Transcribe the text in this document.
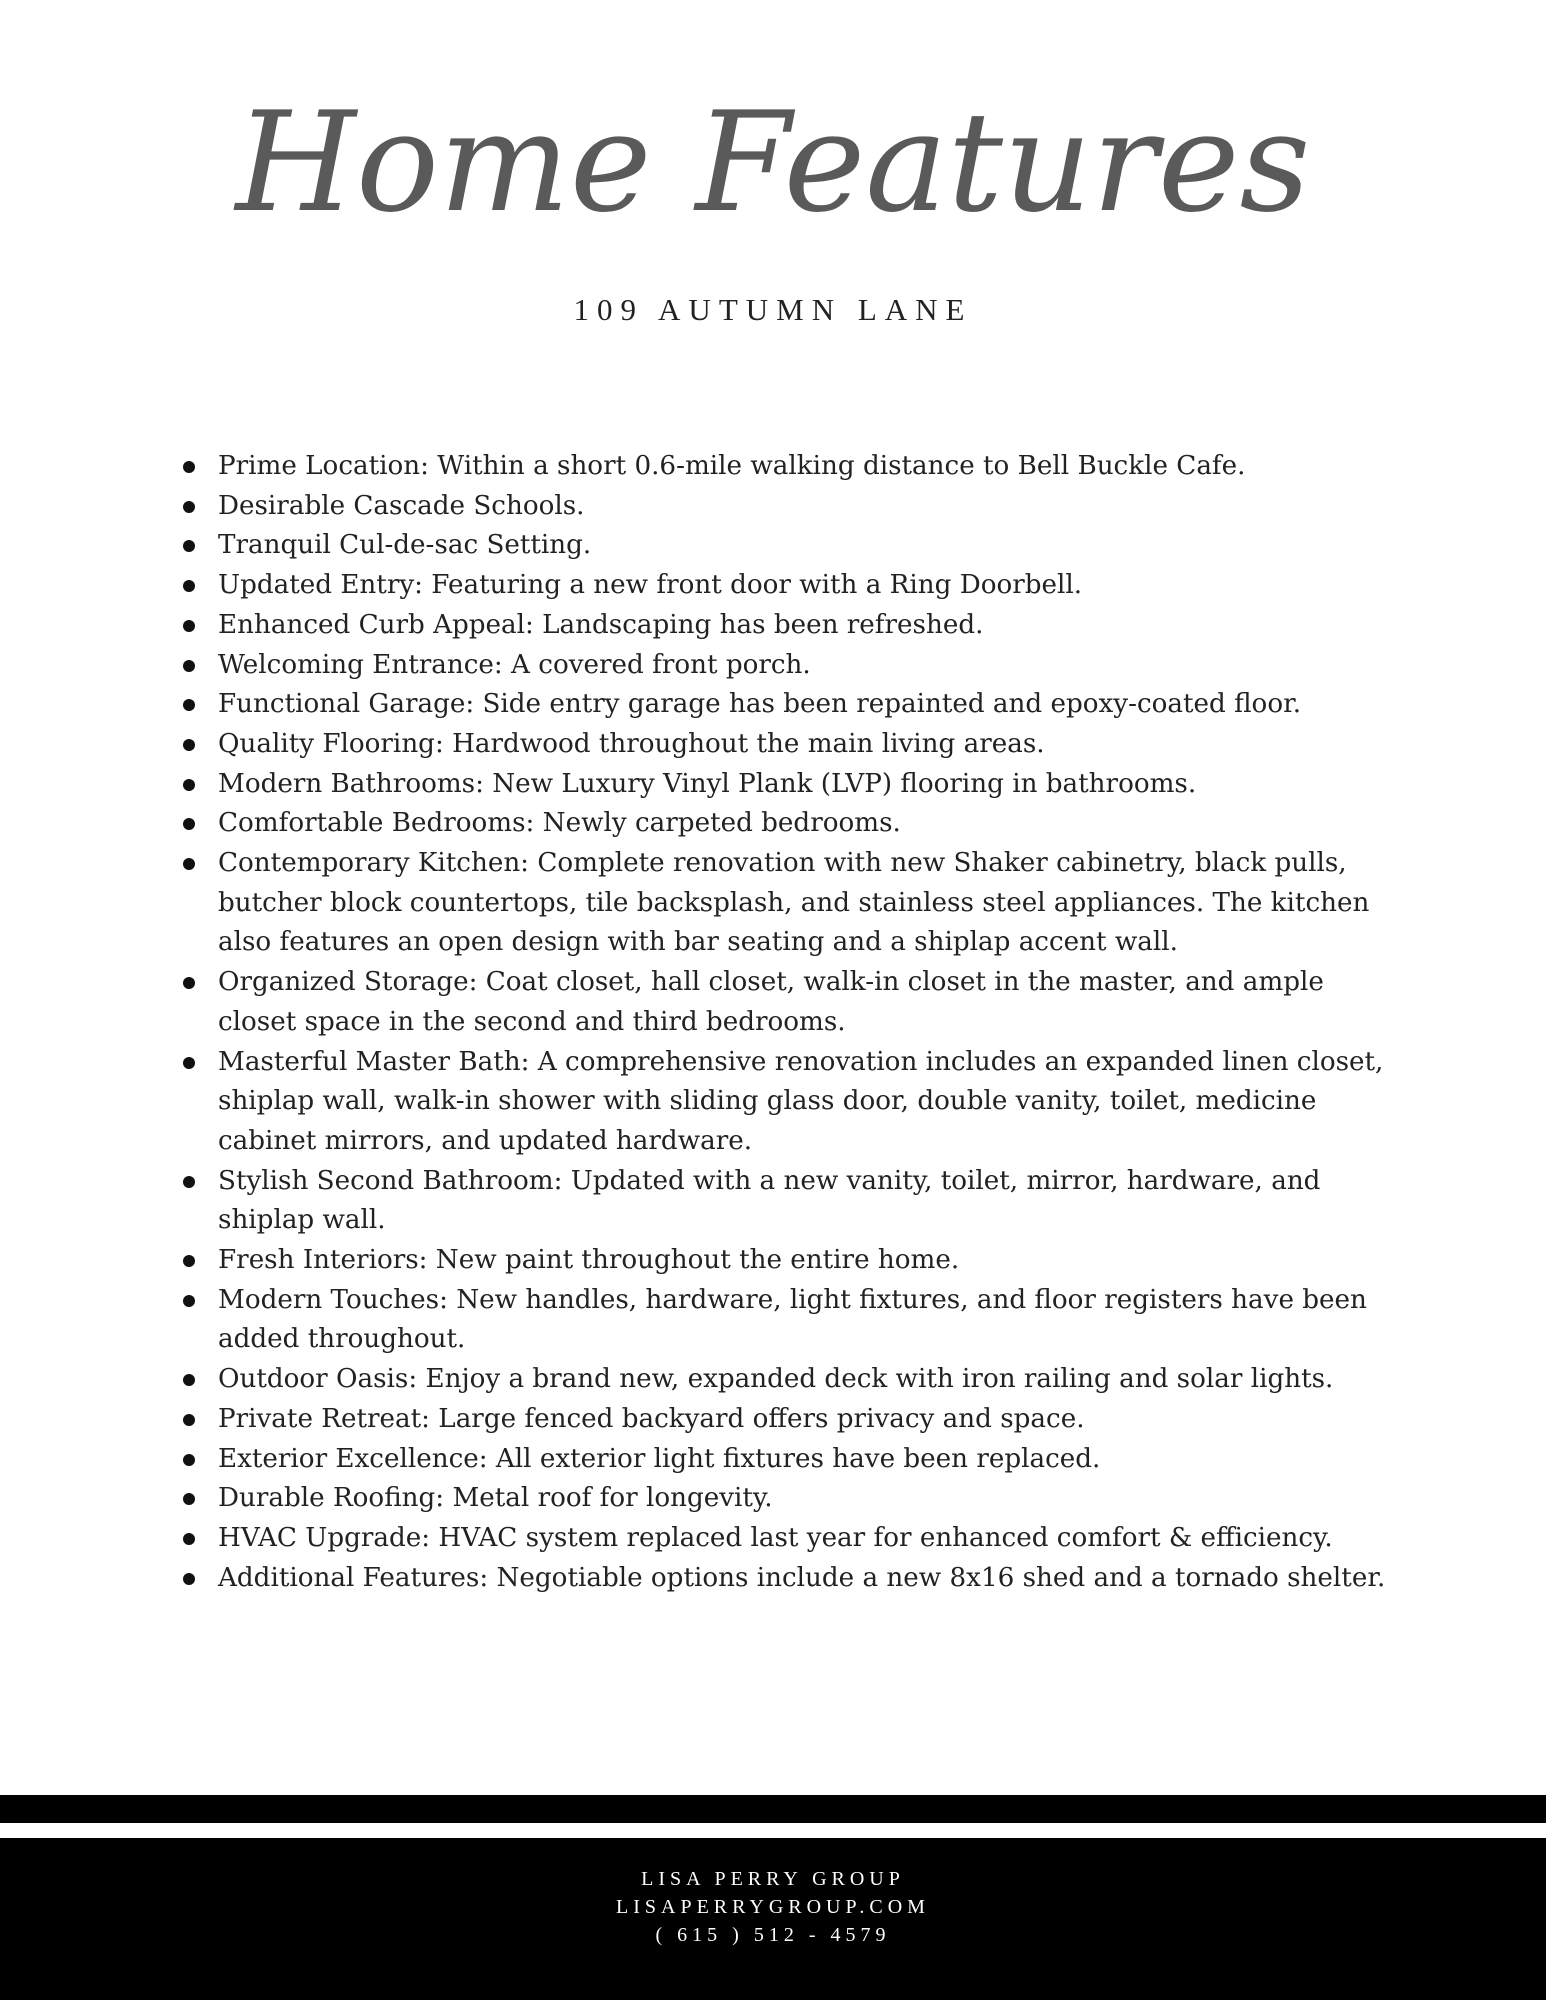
Home Features
109 AUTUMN LANE
Prime Location: Within a short 0.6-mile walking distance to Bell Buckle Cafe.
Desirable Cascade Schools.
Tranquil Cul-de-sac Setting.
Updated Entry: Featuring a new front door with a Ring Doorbell.
Enhanced Curb Appeal: Landscaping has been refreshed.
Welcoming Entrance: A covered front porch.
Functional Garage: Side entry garage has been repainted and epoxy-coated floor.
Quality Flooring: Hardwood throughout the main living areas.
Modern Bathrooms: New Luxury Vinyl Plank (LVP) flooring in bathrooms.
Comfortable Bedrooms: Newly carpeted bedrooms.
Contemporary Kitchen: Complete renovation with new Shaker cabinetry, black pulls, butcher block countertops, tile backsplash, and stainless steel appliances. The kitchen also features an open design with bar seating and a shiplap accent wall.
Organized Storage: Coat closet, hall closet, walk-in closet in the master, and ample closet space in the second and third bedrooms.
Masterful Master Bath: A comprehensive renovation includes an expanded linen closet, shiplap wall, walk-in shower with sliding glass door, double vanity, toilet, medicine cabinet mirrors, and updated hardware.
Stylish Second Bathroom: Updated with a new vanity, toilet, mirror, hardware, and shiplap wall.
Fresh Interiors: New paint throughout the entire home.
Modern Touches: New handles, hardware, light fixtures, and floor registers have been added throughout.
Outdoor Oasis: Enjoy a brand new, expanded deck with iron railing and solar lights.
Private Retreat: Large fenced backyard offers privacy and space.
Exterior Excellence: All exterior light fixtures have been replaced.
Durable Roofing: Metal roof for longevity.
HVAC Upgrade: HVAC system replaced last year for enhanced comfort & efficiency.
Additional Features: Negotiable options include a new 8x16 shed and a tornado shelter.
LISA PERRY GROUP
LISAPERRYGROUP.COM
( 615 ) 512 - 4579
